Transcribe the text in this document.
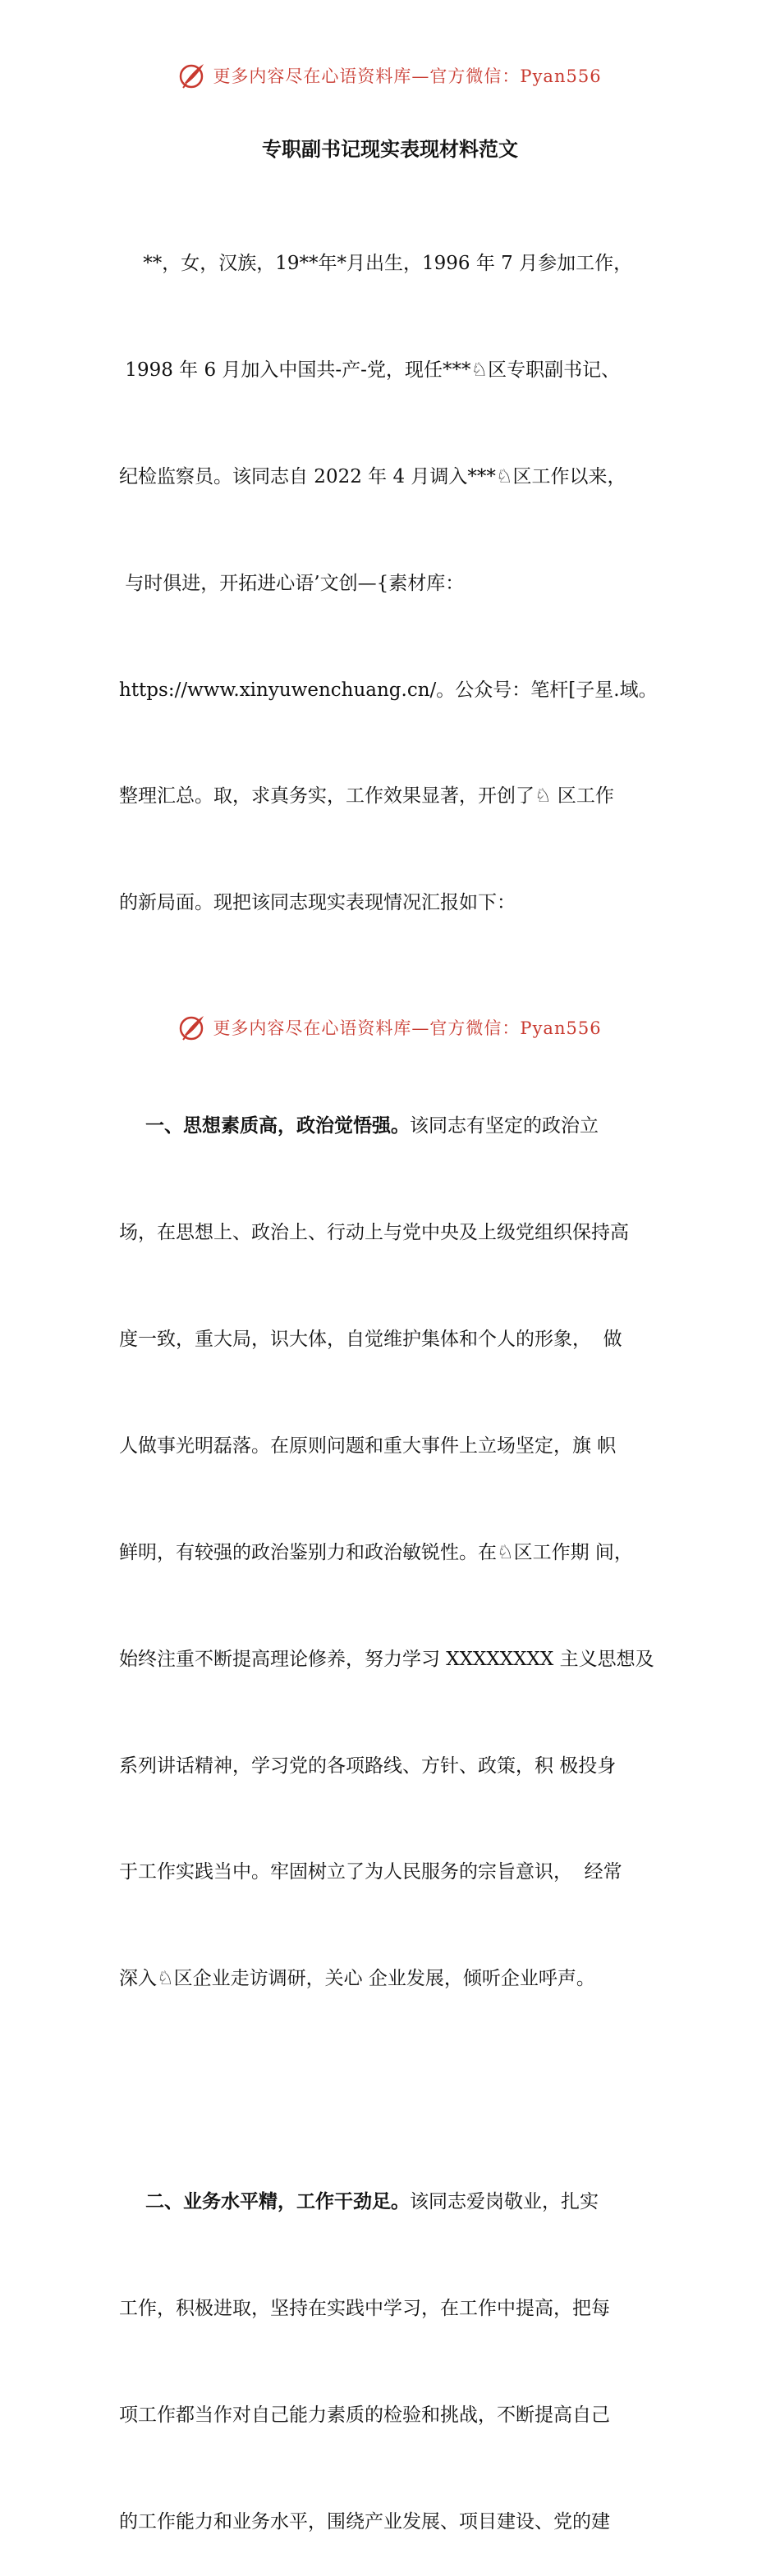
更多内容尽在心语资料库—官方微信：Pyan556
专职副书记现实表现材料范文

**，女，汉族，19**年*月出生，1996 年 7 月参加工作，

1998 年 6 月加入中国共-产-党，现任***♘区专职副书记、

纪检监察员。该同志自 2022 年 4 月调入***♘区工作以来，

与时俱进，开拓进心语’文创—{素材库：

https://www.xinyuwenchuang.cn/。公众号：笔杆[子星.域。

整理汇总。取，求真务实，工作效果显著，开创了♘ 区工作

的新局面。现把该同志现实表现情况汇报如下：

一、思想素质高，政治觉悟强。该同志有坚定的政治立

场，在思想上、政治上、行动上与党中央及上级党组织保持高

度一致，重大局，识大体，自觉维护集体和个人的形象，  做

人做事光明磊落。在原则问题和重大事件上立场坚定，旗 帜

鲜明，有较强的政治鉴别力和政治敏锐性。在♘区工作期 间，

始终注重不断提高理论修养，努力学习 XXXXXXXX 主义思想及

系列讲话精神，学习党的各项路线、方针、政策，积 极投身

于工作实践当中。牢固树立了为人民服务的宗旨意识，  经常

深入♘区企业走访调研，关心 企业发展，倾听企业呼声。

二、业务水平精，工作干劲足。该同志爱岗敬业，扎实

工作，积极进取，坚持在实践中学习，在工作中提高，把每

项工作都当作对自己能力素质的检验和挑战，不断提高自己

的工作能力和业务水平，围绕产业发展、项目建设、党的建

更多内容尽在心语资料库—官方微信：Pyan556
